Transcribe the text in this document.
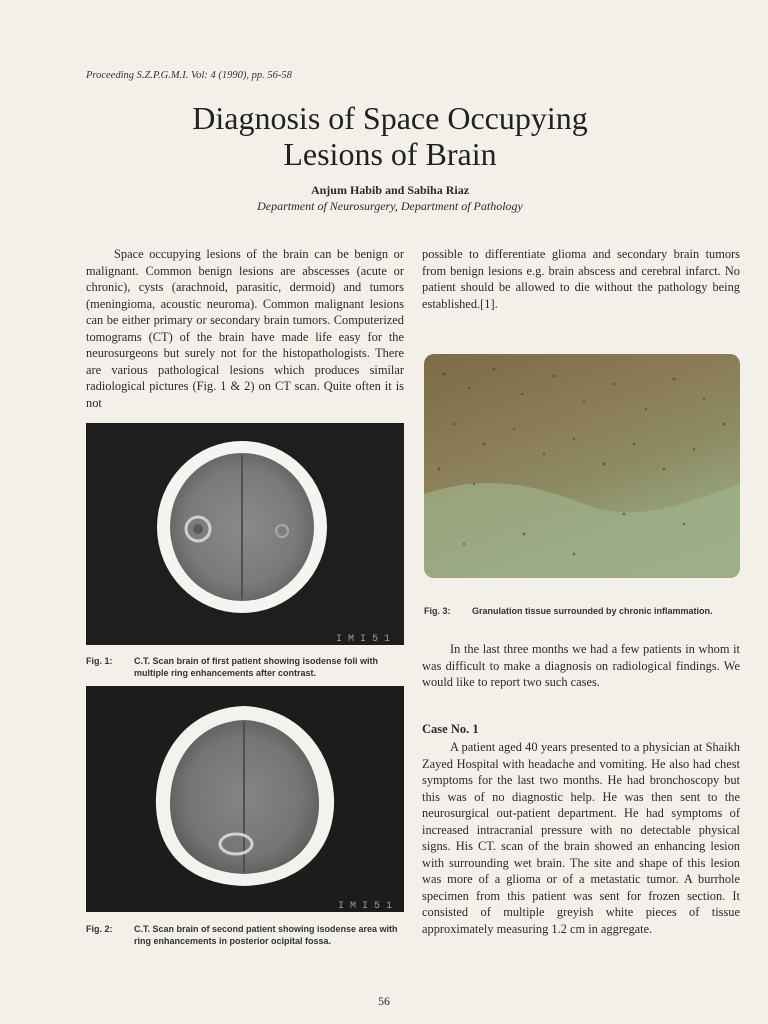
Proceeding S.Z.P.G.M.I. Vol: 4 (1990), pp. 56-58
Diagnosis of Space Occupying
Lesions of Brain
Anjum Habib and Sabiha Riaz
Department of Neurosurgery, Department of Pathology

Space occupying lesions of the brain can be benign or malignant. Common benign lesions are abscesses (acute or chronic), cysts (arachnoid, parasitic, dermoid) and tumors (meningioma, acoustic neuroma). Common malignant lesions can be either primary or secondary brain tumors. Computerized tomograms (CT) of the brain have made life easy for the neurosurgeons but surely not for the histopathologists. There are various pathological lesions which produces similar radiological pictures (Fig. 1 & 2) on CT scan. Quite often it is not

possible to differentiate glioma and secondary brain tumors from benign lesions e.g. brain abscess and cerebral infarct. No patient should be allowed to die without the pathology being established.[1].

I M I 5 1
Fig. 1:	C.T. Scan brain of first patient showing isodense foli with multiple ring enhancements after contrast.
I M I 5 1
Fig. 2:	C.T. Scan brain of second patient showing isodense area with ring enhancements in posterior ocipital fossa.
Fig. 3:	Granulation tissue surrounded by chronic inflammation.

In the last three months we had a few patients in whom it was difficult to make a diagnosis on radiological findings. We would like to report two such cases.

Case No. 1

A patient aged 40 years presented to a physician at Shaikh Zayed Hospital with headache and vomiting. He also had chest symptoms for the last two months. He had bronchoscopy but this was of no diagnostic help. He was then sent to the neurosurgical out-patient department. He had symptoms of increased intracranial pressure with no detectable physical signs. His CT. scan of the brain showed an enhancing lesion with surrounding wet brain. The site and shape of this lesion was more of a glioma or of a metastatic tumor. A burrhole specimen from this patient was sent for frozen section. It consisted of multiple greyish white pieces of tissue approximately measuring 1.2 cm in aggregate.

56
